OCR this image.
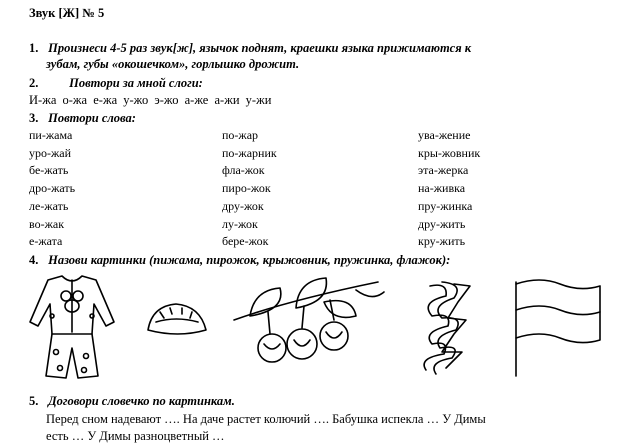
Звук [Ж] № 5
1. Произнеси 4-5 раз звук[ж], язычок поднят, краешки языка прижимаются к
зубам, губы «окошечком», горлышко дрожит.
2. Повтори за мной слоги:
И-жа о-жа е-жа у-жо э-жо а-же а-жи у-жи
3. Повтори слова:
пи-жама
уро-жай
бе-жать
дро-жать
ле-жать
во-жак
е-жата
по-жар
по-жарник
фла-жок
пиро-жок
дру-жок
лу-жок
бере-жок
ува-жение
кры-жовник
эта-жерка
на-живка
пру-жинка
дру-жить
кру-жить
4. Назови картинки (пижама, пирожок, крыжовник, пружинка, флажок):
5. Договори словечко по картинкам.
Перед сном надевают …. На даче растет колючий …. Бабушка испекла … У Димы
есть … У Димы разноцветный …
